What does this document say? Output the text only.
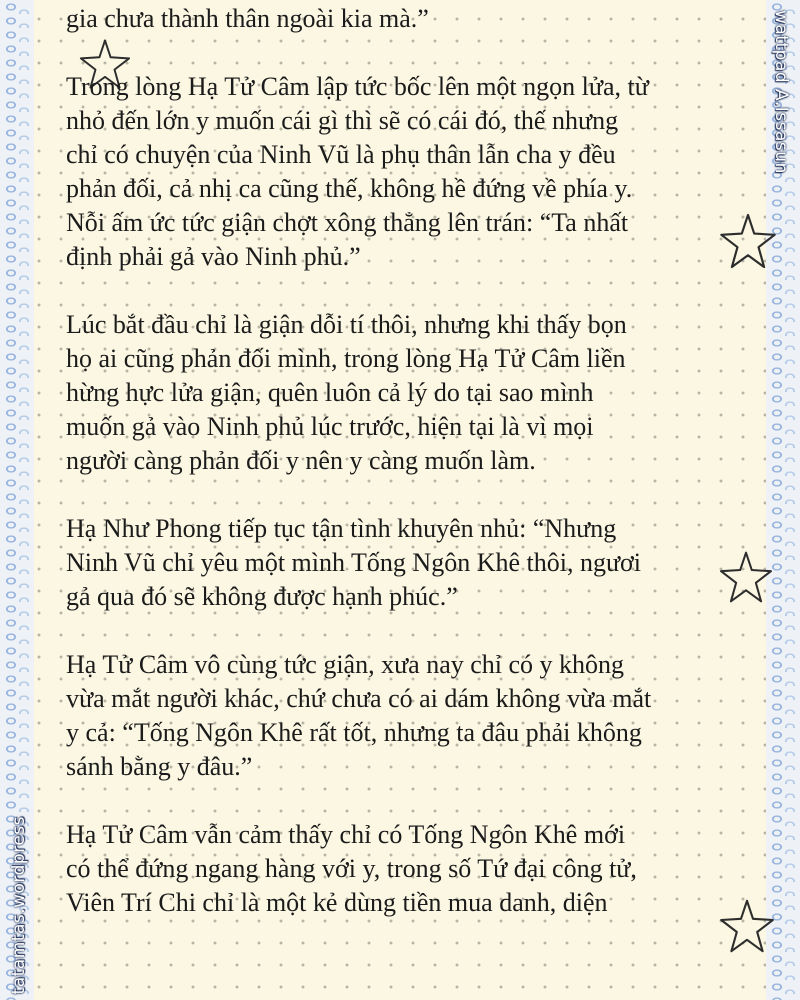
wattpad A.Issasun
tatamtas.wordpress

gia chưa thành thân ngoài kia mà.”

Trong lòng Hạ Tử Câm lập tức bốc lên một ngọn lửa, từ
nhỏ đến lớn y muốn cái gì thì sẽ có cái đó, thế nhưng
chỉ có chuyện của Ninh Vũ là phụ thân lẫn cha y đều
phản đối, cả nhị ca cũng thế, không hề đứng về phía y.
Nỗi ấm ức tức giận chợt xông thẳng lên trán: “Ta nhất
định phải gả vào Ninh phủ.”

Lúc bắt đầu chỉ là giận dỗi tí thôi, nhưng khi thấy bọn
họ ai cũng phản đối mình, trong lòng Hạ Tử Câm liền
hừng hực lửa giận, quên luôn cả lý do tại sao mình
muốn gả vào Ninh phủ lúc trước, hiện tại là vì mọi
người càng phản đối y nên y càng muốn làm.

Hạ Như Phong tiếp tục tận tình khuyên nhủ: “Nhưng
Ninh Vũ chỉ yêu một mình Tống Ngôn Khê thôi, ngươi
gả qua đó sẽ không được hạnh phúc.”

Hạ Tử Câm vô cùng tức giận, xưa nay chỉ có y không
vừa mắt người khác, chứ chưa có ai dám không vừa mắt
y cả: “Tống Ngôn Khê rất tốt, nhưng ta đâu phải không
sánh bằng y đâu.”

Hạ Tử Câm vẫn cảm thấy chỉ có Tống Ngôn Khê mới
có thể đứng ngang hàng với y, trong số Tứ đại công tử,
Viên Trí Chi chỉ là một kẻ dùng tiền mua danh, diện
